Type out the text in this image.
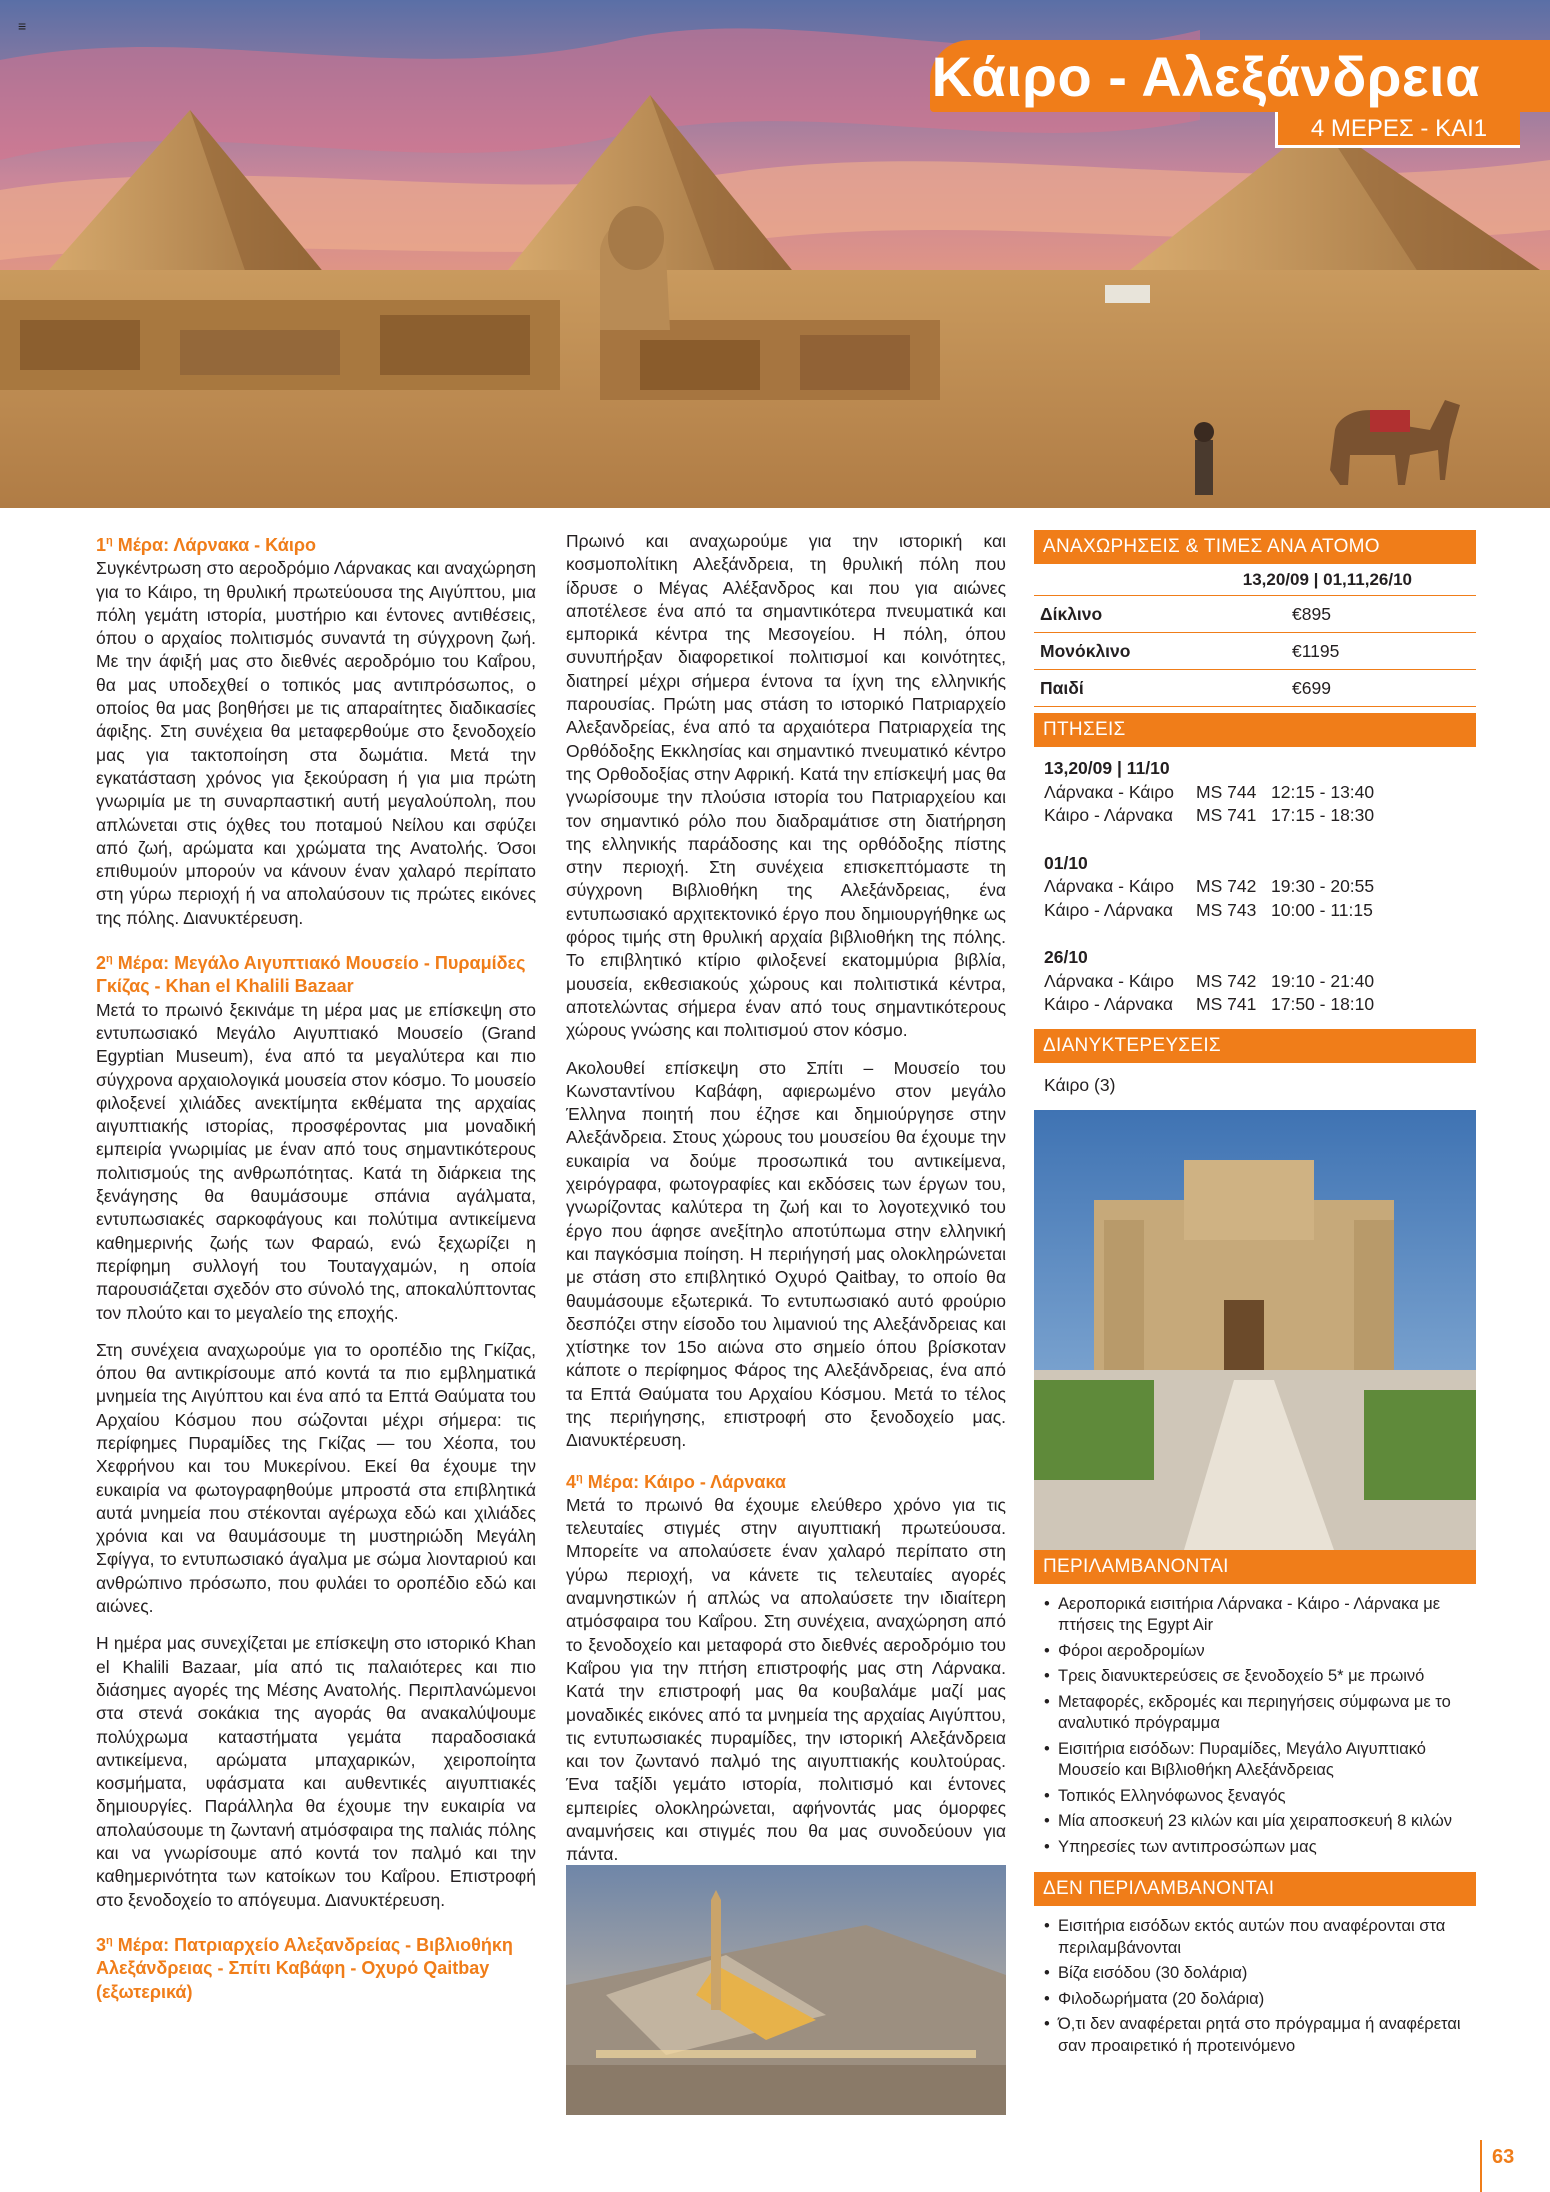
≡
Κάιρο - Αλεξάνδρεια
4 ΜΕΡΕΣ - ΚΑΙ1
$1^\eta$ Μέρα: Λάρνακα - Κάιρο

Συγκέντρωση στο αεροδρόμιο Λάρνακας και αναχώρηση για το Κάιρο, τη θρυλική πρωτεύουσα της Αιγύπτου, μια πόλη γεμάτη ιστορία, μυστήριο και έντονες αντιθέσεις, όπου ο αρχαίος πολιτισμός συναντά τη σύγχρονη ζωή. Με την άφιξή μας στο διεθνές αεροδρόμιο του Καΐρου, θα μας υποδεχθεί ο τοπικός μας αντιπρόσωπος, ο οποίος θα μας βοηθήσει με τις απαραίτητες διαδικασίες άφιξης. Στη συνέχεια θα μεταφερθούμε στο ξενοδοχείο μας για τακτοποίηση στα δωμάτια. Μετά την εγκατάσταση χρόνος για ξεκούραση ή για μια πρώτη γνωριμία με τη συναρπαστική αυτή μεγαλούπολη, που απλώνεται στις όχθες του ποταμού Νείλου και σφύζει από ζωή, αρώματα και χρώματα της Ανατολής. Όσοι επιθυμούν μπορούν να κάνουν έναν χαλαρό περίπατο στη γύρω περιοχή ή να απολαύσουν τις πρώτες εικόνες της πόλης. Διανυκτέρευση.

$2^\eta$ Μέρα: Μεγάλο Αιγυπτιακό Μουσείο - Πυραμίδες Γκίζας - Khan el Khalili Bazaar

Μετά το πρωινό ξεκινάμε τη μέρα μας με επίσκεψη στο εντυπωσιακό Μεγάλο Αιγυπτιακό Μουσείο (Grand Egyptian Museum), ένα από τα μεγαλύτερα και πιο σύγχρονα αρχαιολογικά μουσεία στον κόσμο. Το μουσείο φιλοξενεί χιλιάδες ανεκτίμητα εκθέματα της αρχαίας αιγυπτιακής ιστορίας, προσφέροντας μια μοναδική εμπειρία γνωριμίας με έναν από τους σημαντικότερους πολιτισμούς της ανθρωπότητας. Κατά τη διάρκεια της ξενάγησης θα θαυμάσουμε σπάνια αγάλματα, εντυπωσιακές σαρκοφάγους και πολύτιμα αντικείμενα καθημερινής ζωής των Φαραώ, ενώ ξεχωρίζει η περίφημη συλλογή του Τουταγχαμών, η οποία παρουσιάζεται σχεδόν στο σύνολό της, αποκαλύπτοντας τον πλούτο και το μεγαλείο της εποχής.

Στη συνέχεια αναχωρούμε για το οροπέδιο της Γκίζας, όπου θα αντικρίσουμε από κοντά τα πιο εμβληματικά μνημεία της Αιγύπτου και ένα από τα Επτά Θαύματα του Αρχαίου Κόσμου που σώζονται μέχρι σήμερα: τις περίφημες Πυραμίδες της Γκίζας — του Χέοπα, του Χεφρήνου και του Μυκερίνου. Εκεί θα έχουμε την ευκαιρία να φωτογραφηθούμε μπροστά στα επιβλητικά αυτά μνημεία που στέκονται αγέρωχα εδώ και χιλιάδες χρόνια και να θαυμάσουμε τη μυστηριώδη Μεγάλη Σφίγγα, το εντυπωσιακό άγαλμα με σώμα λιονταριού και ανθρώπινο πρόσωπο, που φυλάει το οροπέδιο εδώ και αιώνες.

Η ημέρα μας συνεχίζεται με επίσκεψη στο ιστορικό Khan el Khalili Bazaar, μία από τις παλαιότερες και πιο διάσημες αγορές της Μέσης Ανατολής. Περιπλανώμενοι στα στενά σοκάκια της αγοράς θα ανακαλύψουμε πολύχρωμα καταστήματα γεμάτα παραδοσιακά αντικείμενα, αρώματα μπαχαρικών, χειροποίητα κοσμήματα, υφάσματα και αυθεντικές αιγυπτιακές δημιουργίες. Παράλληλα θα έχουμε την ευκαιρία να απολαύσουμε τη ζωντανή ατμόσφαιρα της παλιάς πόλης και να γνωρίσουμε από κοντά τον παλμό και την καθημερινότητα των κατοίκων του Καΐρου. Επιστροφή στο ξενοδοχείο το απόγευμα. Διανυκτέρευση.

$3^\eta$ Μέρα: Πατριαρχείο Αλεξανδρείας - Βιβλιοθήκη Αλεξάνδρειας - Σπίτι Καβάφη - Οχυρό Qaitbay (εξωτερικά)

Πρωινό και αναχωρούμε για την ιστορική και κοσμοπολίτικη Αλεξάνδρεια, τη θρυλική πόλη που ίδρυσε ο Μέγας Αλέξανδρος και που για αιώνες αποτέλεσε ένα από τα σημαντικότερα πνευματικά και εμπορικά κέντρα της Μεσογείου. Η πόλη, όπου συνυπήρξαν διαφορετικοί πολιτισμοί και κοινότητες, διατηρεί μέχρι σήμερα έντονα τα ίχνη της ελληνικής παρουσίας. Πρώτη μας στάση το ιστορικό Πατριαρχείο Αλεξανδρείας, ένα από τα αρχαιότερα Πατριαρχεία της Ορθόδοξης Εκκλησίας και σημαντικό πνευματικό κέντρο της Ορθοδοξίας στην Αφρική. Κατά την επίσκεψή μας θα γνωρίσουμε την πλούσια ιστορία του Πατριαρχείου και τον σημαντικό ρόλο που διαδραμάτισε στη διατήρηση της ελληνικής παράδοσης και της ορθόδοξης πίστης στην περιοχή. Στη συνέχεια επισκεπτόμαστε τη σύγχρονη Βιβλιοθήκη της Αλεξάνδρειας, ένα εντυπωσιακό αρχιτεκτονικό έργο που δημιουργήθηκε ως φόρος τιμής στη θρυλική αρχαία βιβλιοθήκη της πόλης. Το επιβλητικό κτίριο φιλοξενεί εκατομμύρια βιβλία, μουσεία, εκθεσιακούς χώρους και πολιτιστικά κέντρα, αποτελώντας σήμερα έναν από τους σημαντικότερους χώρους γνώσης και πολιτισμού στον κόσμο.

Ακολουθεί επίσκεψη στο Σπίτι – Μουσείο του Κωνσταντίνου Καβάφη, αφιερωμένο στον μεγάλο Έλληνα ποιητή που έζησε και δημιούργησε στην Αλεξάνδρεια. Στους χώρους του μουσείου θα έχουμε την ευκαιρία να δούμε προσωπικά του αντικείμενα, χειρόγραφα, φωτογραφίες και εκδόσεις των έργων του, γνωρίζοντας καλύτερα τη ζωή και το λογοτεχνικό του έργο που άφησε ανεξίτηλο αποτύπωμα στην ελληνική και παγκόσμια ποίηση. Η περιήγησή μας ολοκληρώνεται με στάση στο επιβλητικό Οχυρό Qaitbay, το οποίο θα θαυμάσουμε εξωτερικά. Το εντυπωσιακό αυτό φρούριο δεσπόζει στην είσοδο του λιμανιού της Αλεξάνδρειας και χτίστηκε τον 15ο αιώνα στο σημείο όπου βρίσκοταν κάποτε ο περίφημος Φάρος της Αλεξάνδρειας, ένα από τα Επτά Θαύματα του Αρχαίου Κόσμου. Μετά το τέλος της περιήγησης, επιστροφή στο ξενοδοχείο μας. Διανυκτέρευση.

$4^\eta$ Μέρα: Κάιρο - Λάρνακα

Μετά το πρωινό θα έχουμε ελεύθερο χρόνο για τις τελευταίες στιγμές στην αιγυπτιακή πρωτεύουσα. Μπορείτε να απολαύσετε έναν χαλαρό περίπατο στη γύρω περιοχή, να κάνετε τις τελευταίες αγορές αναμνηστικών ή απλώς να απολαύσετε την ιδιαίτερη ατμόσφαιρα του Καΐρου. Στη συνέχεια, αναχώρηση από το ξενοδοχείο και μεταφορά στο διεθνές αεροδρόμιο του Καΐρου για την πτήση επιστροφής μας στη Λάρνακα. Κατά την επιστροφή μας θα κουβαλάμε μαζί μας μοναδικές εικόνες από τα μνημεία της αρχαίας Αιγύπτου, τις εντυπωσιακές πυραμίδες, την ιστορική Αλεξάνδρεια και τον ζωντανό παλμό της αιγυπτιακής κουλτούρας. Ένα ταξίδι γεμάτο ιστορία, πολιτισμό και έντονες εμπειρίες ολοκληρώνεται, αφήνοντάς μας όμορφες αναμνήσεις και στιγμές που θα μας συνοδεύουν για πάντα.

ΑΝΑΧΩΡΗΣΕΙΣ & ΤΙΜΕΣ ΑΝΑ ΑΤΟΜΟ
13,20/09 | 01,11,26/10
Δίκλινο	€895
Μονόκλινο	€1195
Παιδί	€699
ΠΤΗΣΕΙΣ
13,20/09 | 11/10
Λάρνακα - Κάιρο	MS 744 12:15 - 13:40
Κάιρο - Λάρνακα	MS 741 17:15 - 18:30
01/10
Λάρνακα - Κάιρο	MS 742 19:30 - 20:55
Κάιρο - Λάρνακα	MS 743 10:00 - 11:15
26/10
Λάρνακα - Κάιρο	MS 742 19:10 - 21:40
Κάιρο - Λάρνακα	MS 741 17:50 - 18:10
ΔΙΑΝΥΚΤΕΡΕΥΣΕΙΣ
Κάιρο (3)
ΠΕΡΙΛΑΜΒΑΝΟΝΤΑΙ
• Αεροπορικά εισιτήρια Λάρνακα - Κάιρο - Λάρνακα με πτήσεις της Egypt Air
• Φόροι αεροδρομίων
• Τρεις διανυκτερεύσεις σε ξενοδοχείο 5* με πρωινό
• Μεταφορές, εκδρομές και περιηγήσεις σύμφωνα με το αναλυτικό πρόγραμμα
• Εισιτήρια εισόδων: Πυραμίδες, Μεγάλο Αιγυπτιακό Μουσείο και Βιβλιοθήκη Αλεξάνδρειας
• Τοπικός Ελληνόφωνος ξεναγός
• Μία αποσκευή 23 κιλών και μία χειραποσκευή 8 κιλών
• Υπηρεσίες των αντιπροσώπων μας
ΔΕΝ ΠΕΡΙΛΑΜΒΑΝΟΝΤΑΙ
• Εισιτήρια εισόδων εκτός αυτών που αναφέρονται στα περιλαμβάνονται
• Βίζα εισόδου (30 δολάρια)
• Φιλοδωρήματα (20 δολάρια)
• Ό,τι δεν αναφέρεται ρητά στο πρόγραμμα ή αναφέρεται σαν προαιρετικό ή προτεινόμενο
63
